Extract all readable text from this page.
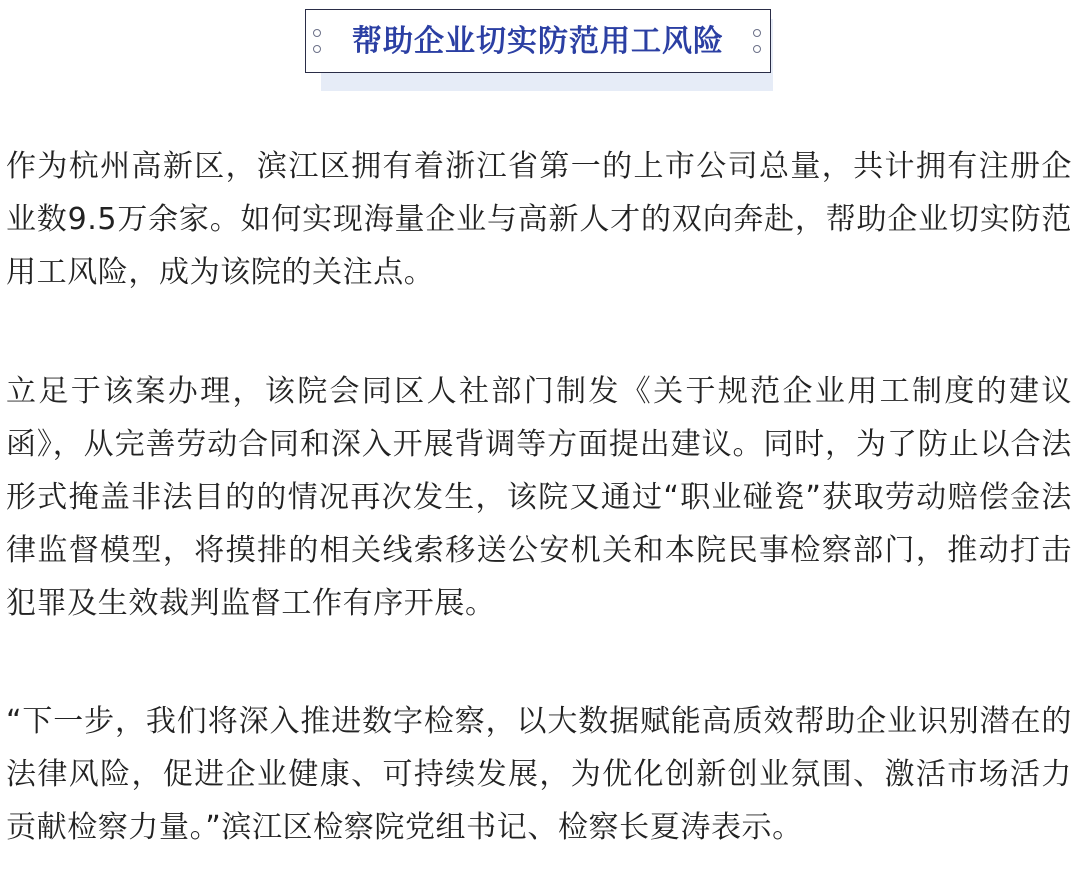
帮助企业切实防范用工风险

作为杭州高新区，滨江区拥有着浙江省第一的上市公司总量，共计拥有注册企业数9.5万余家。如何实现海量企业与高新人才的双向奔赴，帮助企业切实防范用工风险，成为该院的关注点。

立足于该案办理，该院会同区人社部门制发《关于规范企业用工制度的建议函》，从完善劳动合同和深入开展背调等方面提出建议。同时，为了防止以合法形式掩盖非法目的的情况再次发生，该院又通过“职业碰瓷”获取劳动赔偿金法律监督模型，将摸排的相关线索移送公安机关和本院民事检察部门，推动打击犯罪及生效裁判监督工作有序开展。

“下一步，我们将深入推进数字检察，以大数据赋能高质效帮助企业识别潜在的法律风险，促进企业健康、可持续发展，为优化创新创业氛围、激活市场活力贡献检察力量。”滨江区检察院党组书记、检察长夏涛表示。
